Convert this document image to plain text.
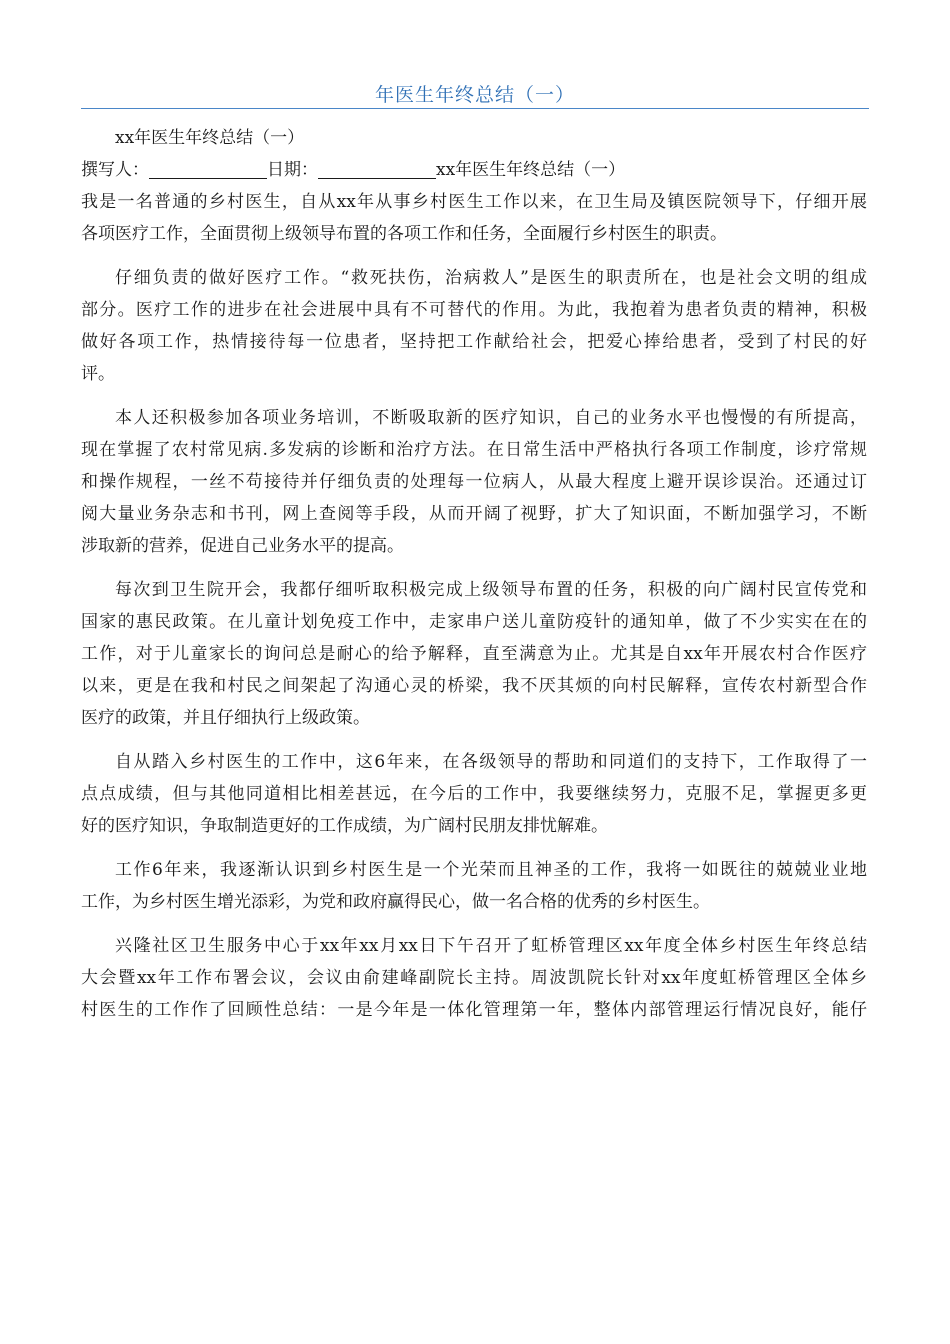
年医生年终总结（一）
xx年医生年终总结（一）
撰写人：	日期：	xx年医生年终总结（一）
我是一名普通的乡村医生，自从xx年从事乡村医生工作以来，在卫生局及镇医院领导下，仔细开展
各项医疗工作，全面贯彻上级领导布置的各项工作和任务，全面履行乡村医生的职责。
仔细负责的做好医疗工作。“救死扶伤，治病救人”是医生的职责所在，也是社会文明的组成
部分。医疗工作的进步在社会进展中具有不可替代的作用。为此，我抱着为患者负责的精神，积极
做好各项工作，热情接待每一位患者，坚持把工作献给社会，把爱心捧给患者，受到了村民的好
评。
本人还积极参加各项业务培训，不断吸取新的医疗知识，自己的业务水平也慢慢的有所提高，
现在掌握了农村常见病.多发病的诊断和治疗方法。在日常生活中严格执行各项工作制度，诊疗常规
和操作规程，一丝不苟接待并仔细负责的处理每一位病人，从最大程度上避开误诊误治。还通过订
阅大量业务杂志和书刊，网上查阅等手段，从而开阔了视野，扩大了知识面，不断加强学习，不断
涉取新的营养，促进自己业务水平的提高。
每次到卫生院开会，我都仔细听取积极完成上级领导布置的任务，积极的向广阔村民宣传党和
国家的惠民政策。在儿童计划免疫工作中，走家串户送儿童防疫针的通知单，做了不少实实在在的
工作，对于儿童家长的询问总是耐心的给予解释，直至满意为止。尤其是自xx年开展农村合作医疗
以来，更是在我和村民之间架起了沟通心灵的桥梁，我不厌其烦的向村民解释，宣传农村新型合作
医疗的政策，并且仔细执行上级政策。
自从踏入乡村医生的工作中，这6年来，在各级领导的帮助和同道们的支持下，工作取得了一
点点成绩，但与其他同道相比相差甚远，在今后的工作中，我要继续努力，克服不足，掌握更多更
好的医疗知识，争取制造更好的工作成绩，为广阔村民朋友排忧解难。
工作6年来，我逐渐认识到乡村医生是一个光荣而且神圣的工作，我将一如既往的兢兢业业地
工作，为乡村医生增光添彩，为党和政府赢得民心，做一名合格的优秀的乡村医生。
兴隆社区卫生服务中心于xx年xx月xx日下午召开了虹桥管理区xx年度全体乡村医生年终总结
大会暨xx年工作布署会议，会议由俞建峰副院长主持。周波凯院长针对xx年度虹桥管理区全体乡
村医生的工作作了回顾性总结：一是今年是一体化管理第一年，整体内部管理运行情况良好，能仔
